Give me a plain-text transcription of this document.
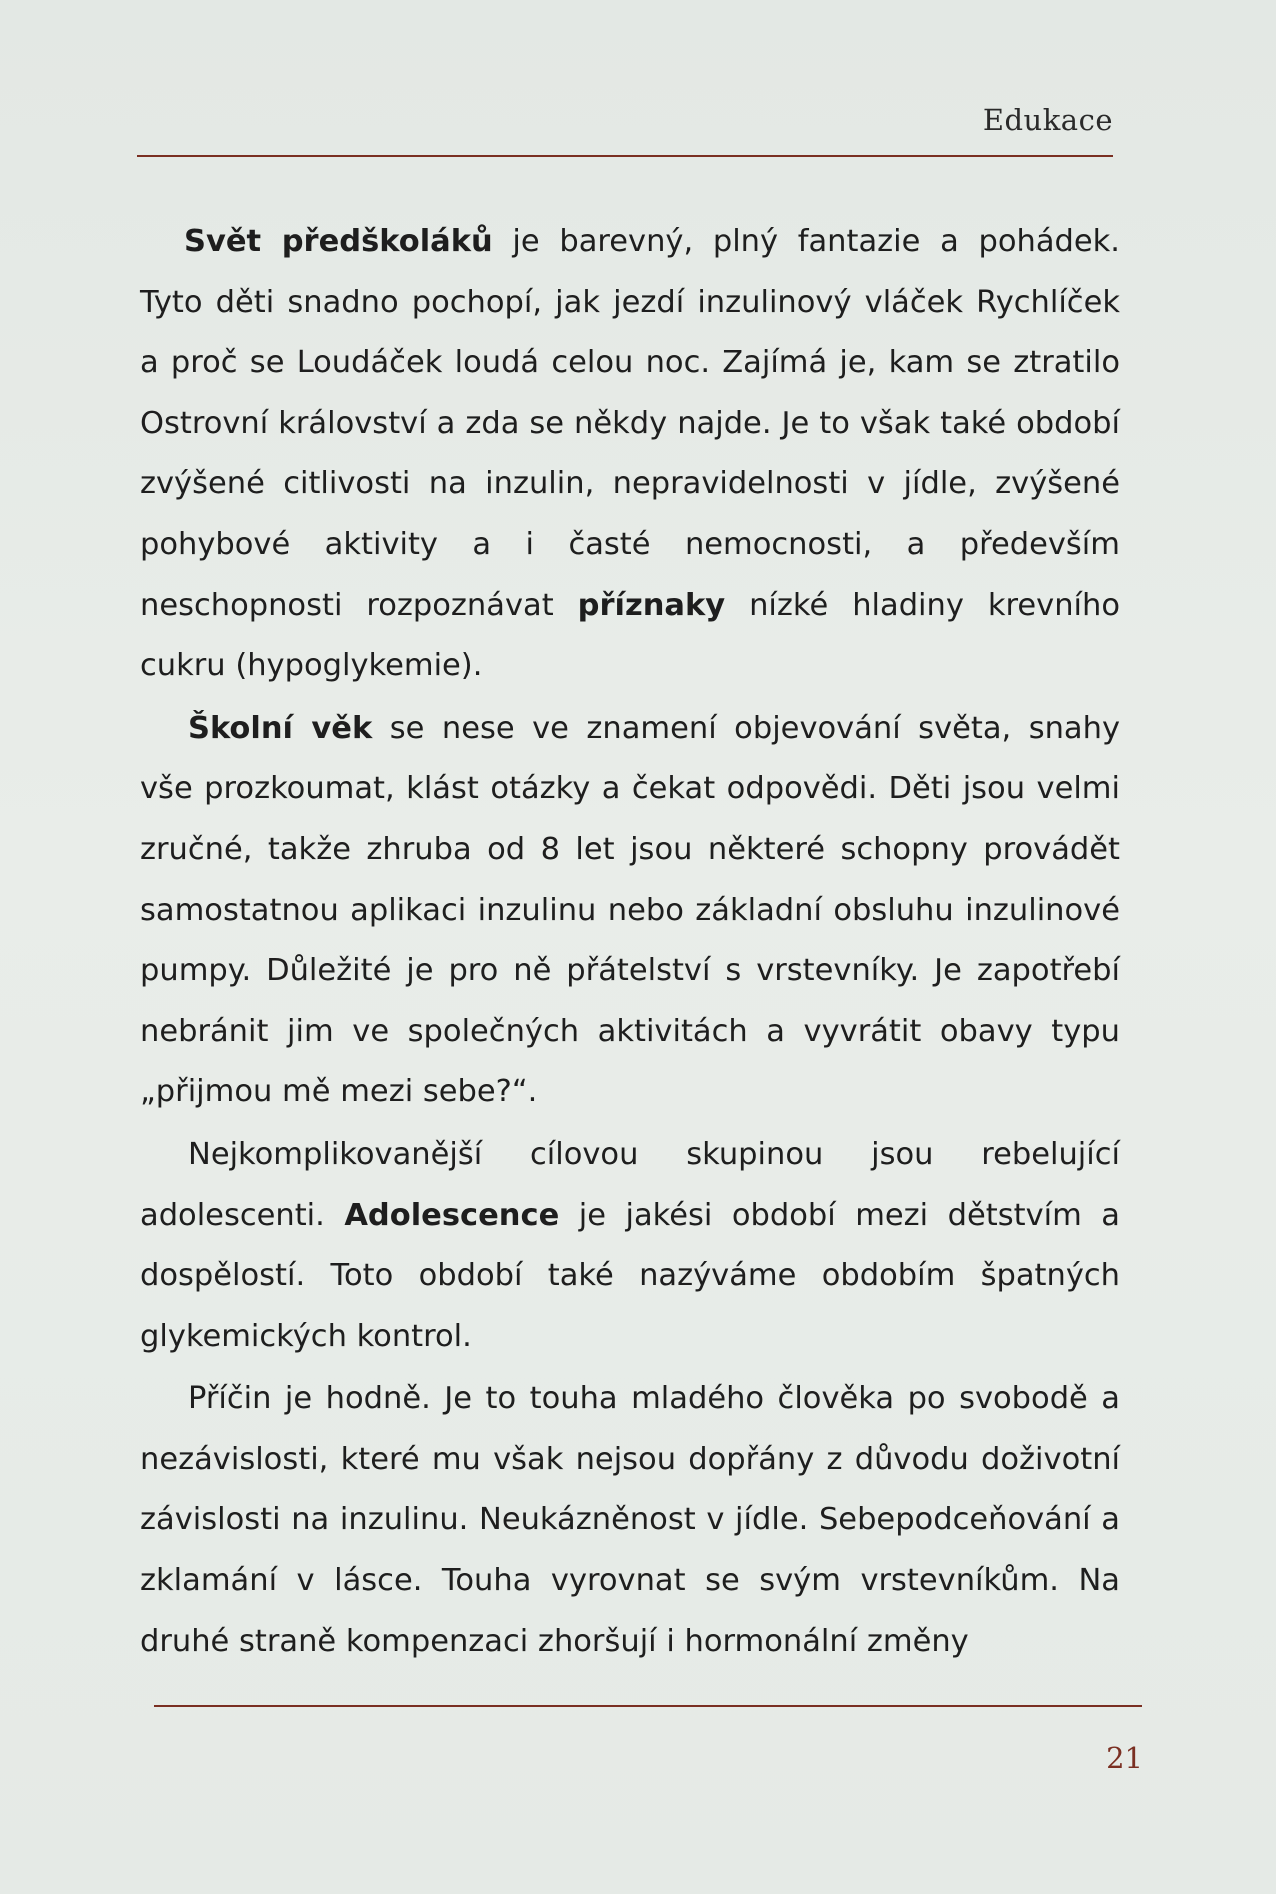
Edukace

Svět předškoláků je barevný, plný fantazie a pohádek. Tyto děti snadno pochopí, jak jezdí inzulinový vláček Rychlíček a proč se Loudáček loudá celou noc. Zajímá je, kam se ztratilo Ostrovní království a zda se někdy najde. Je to však také období zvýšené citlivosti na inzulin, nepravidelnosti v jídle, zvýšené pohybové aktivity a i časté nemocnosti, a především neschopnosti rozpoznávat příznaky nízké hladiny krevního cukru (hypoglykemie).

Školní věk se nese ve znamení objevování světa, snahy vše prozkoumat, klást otázky a čekat odpovědi. Děti jsou velmi zručné, takže zhruba od 8 let jsou některé schopny provádět samostatnou aplikaci inzulinu nebo základní obsluhu inzulinové pumpy. Důležité je pro ně přátelství s vrstevníky. Je zapotřebí nebránit jim ve společných aktivitách a vyvrátit obavy typu „přijmou mě mezi sebe?“.

Nejkomplikovanější cílovou skupinou jsou rebelující adolescenti. Adolescence je jakési období mezi dětstvím a dospělostí. Toto období také nazýváme obdobím špatných glykemických kontrol.

Příčin je hodně. Je to touha mladého člověka po svobodě a nezávislosti, které mu však nejsou dopřány z důvodu doživotní závislosti na inzulinu. Neukázněnost v jídle. Sebepodceňování a zklamání v lásce. Touha vyrovnat se svým vrstevníkům. Na druhé straně kompenzaci zhoršují i hormonální změny

21
